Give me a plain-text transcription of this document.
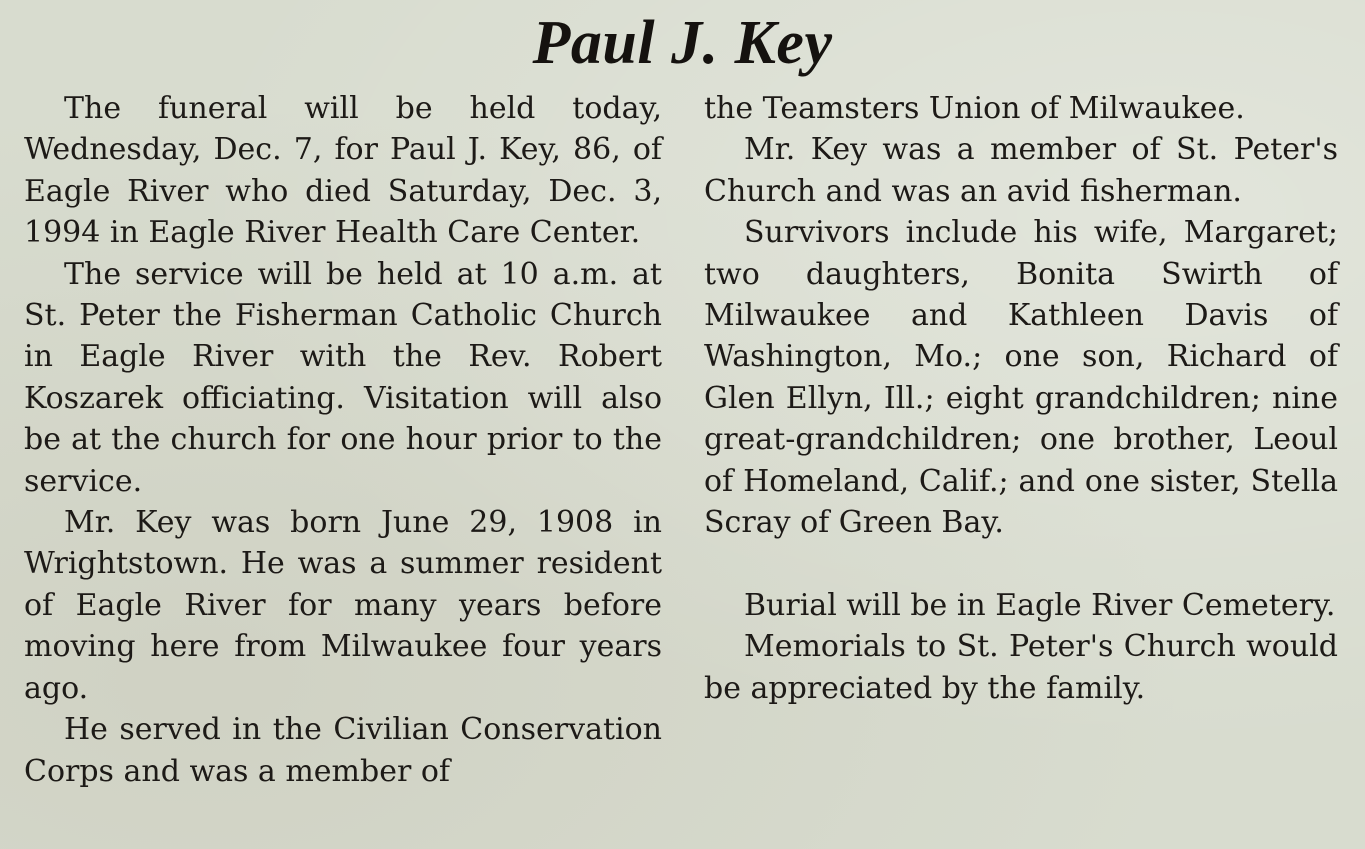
Paul J. Key

The funeral will be held today, Wednesday, Dec. 7, for Paul J. Key, 86, of Eagle River who died Saturday, Dec. 3, 1994 in Eagle River Health Care Center.

The service will be held at 10 a.m. at St. Peter the Fisherman Catholic Church in Eagle River with the Rev. Robert Koszarek officiating. Visitation will also be at the church for one hour prior to the service.

Mr. Key was born June 29, 1908 in Wrightstown. He was a summer resident of Eagle River for many years before moving here from Milwaukee four years ago.

He served in the Civilian Conservation Corps and was a member of

the Teamsters Union of Milwaukee.

Mr. Key was a member of St. Peter's Church and was an avid fisherman.

Survivors include his wife, Margaret; two daughters, Bonita Swirth of Milwaukee and Kathleen Davis of Washington, Mo.; one son, Richard of Glen Ellyn, Ill.; eight grandchildren; nine great-grandchildren; one brother, Leoul of Homeland, Calif.; and one sister, Stella Scray of Green Bay.

Burial will be in Eagle River Cemetery.

Memorials to St. Peter's Church would be appreciated by the family.
